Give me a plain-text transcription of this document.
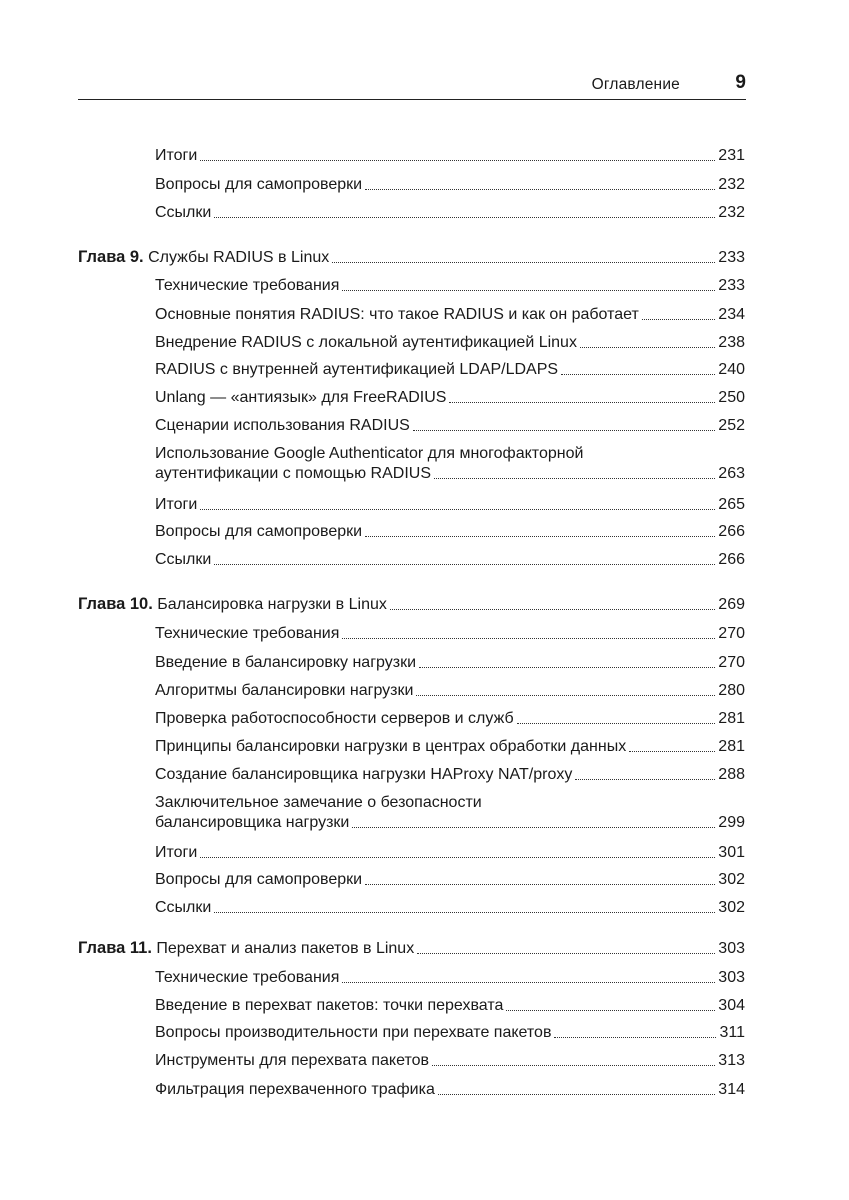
Оглавление	9
Итоги	231
Вопросы для самопроверки	232
Ссылки	232
Глава 9. Службы RADIUS в Linux	233
Технические требования	233
Основные понятия RADIUS: что такое RADIUS и как он работает	234
Внедрение RADIUS с локальной аутентификацией Linux	238
RADIUS с внутренней аутентификацией LDAP/LDAPS	240
Unlang — «антиязык» для FreeRADIUS	250
Сценарии использования RADIUS	252
Использование Google Authenticator для многофакторной
аутентификации с помощью RADIUS	263
Итоги	265
Вопросы для самопроверки	266
Ссылки	266
Глава 10. Балансировка нагрузки в Linux	269
Технические требования	270
Введение в балансировку нагрузки	270
Алгоритмы балансировки нагрузки	280
Проверка работоспособности серверов и служб	281
Принципы балансировки нагрузки в центрах обработки данных	281
Создание балансировщика нагрузки HAProxy NAT/proxy	288
Заключительное замечание о безопасности
балансировщика нагрузки	299
Итоги	301
Вопросы для самопроверки	302
Ссылки	302
Глава 11. Перехват и анализ пакетов в Linux	303
Технические требования	303
Введение в перехват пакетов: точки перехвата	304
Вопросы производительности при перехвате пакетов	311
Инструменты для перехвата пакетов	313
Фильтрация перехваченного трафика	314
